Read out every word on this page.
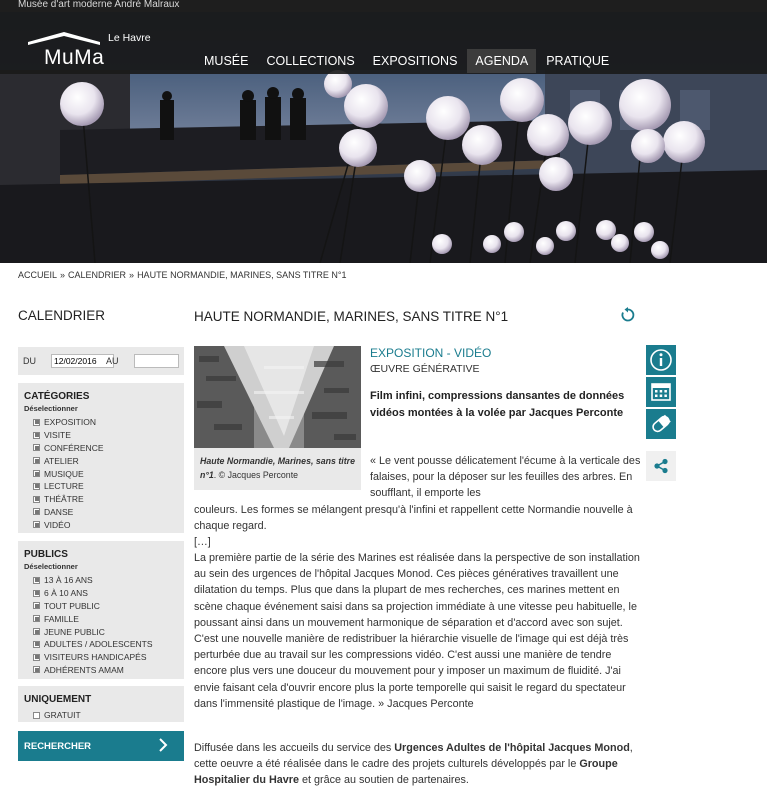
Musée d'art moderne André Malraux
MuMa
Le Havre
MUSÉE	COLLECTIONS	EXPOSITIONS	AGENDA	PRATIQUE
ACCUEIL » CALENDRIER » HAUTE NORMANDIE, MARINES, SANS TITRE N°1
CALENDRIER
DU
12/02/2016	AU
CATÉGORIES
Déselectionner
EXPOSITION
VISITE
CONFÉRENCE
ATELIER
MUSIQUE
LECTURE
THÉÂTRE
DANSE
VIDÉO
PUBLICS
Déselectionner
13 À 16 ANS
6 À 10 ANS
TOUT PUBLIC
FAMILLE
JEUNE PUBLIC
ADULTES / ADOLESCENTS
VISITEURS HANDICAPÉS
ADHÉRENTS AMAM
UNIQUEMENT
GRATUIT
RECHERCHER
HAUTE NORMANDIE, MARINES, SANS TITRE N°1
Haute Normandie, Marines, sans titre n°1. © Jacques Perconte
EXPOSITION - VIDÉO
ŒUVRE GÉNÉRATIVE
Film infini, compressions dansantes de données vidéos montées à la volée par Jacques Perconte
« Le vent pousse délicatement l'écume à la verticale des falaises, pour la déposer sur les feuilles des arbres. En soufflant, il emporte les
couleurs. Les formes se mélangent presqu'à l'infini et rappellent cette Normandie nouvelle à chaque regard.
[…]
La première partie de la série des Marines est réalisée dans la perspective de son installation au sein des urgences de l'hôpital Jacques Monod. Ces pièces génératives travaillent une dilatation du temps. Plus que dans la plupart de mes recherches, ces marines mettent en scène chaque événement saisi dans sa projection immédiate à une vitesse peu habituelle, le poussant ainsi dans un mouvement harmonique de séparation et d'accord avec son sujet. C'est une nouvelle manière de redistribuer la hiérarchie visuelle de l'image qui est déjà très perturbée due au travail sur les compressions vidéo. C'est aussi une manière de tendre encore plus vers une douceur du mouvement pour y imposer un maximum de fluidité. J'ai envie faisant cela d'ouvrir encore plus la porte temporelle qui saisit le regard du spectateur dans l'immensité plastique de l'image. » Jacques Perconte
Diffusée dans les accueils du service des Urgences Adultes de l'hôpital Jacques Monod, cette oeuvre a été réalisée dans le cadre des projets culturels développés par le Groupe Hospitalier du Havre et grâce au soutien de partenaires.
